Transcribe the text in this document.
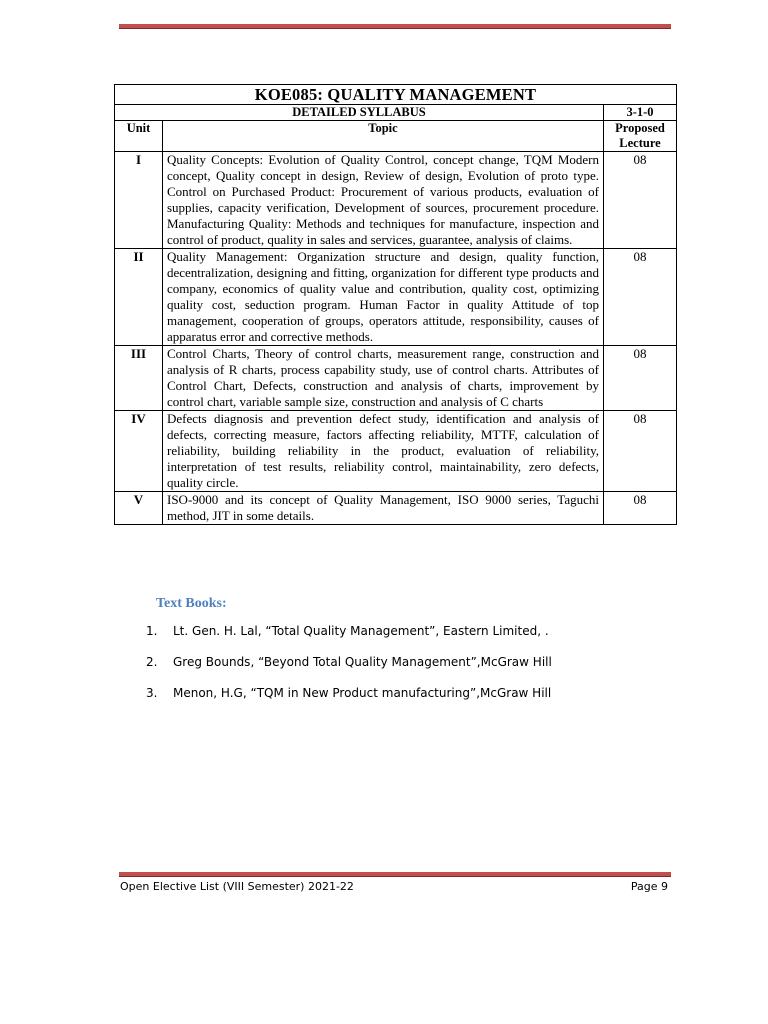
KOE085: QUALITY MANAGEMENT		
DETAILED SYLLABUS		3-1-0
Unit	Topic	Proposed Lecture
I	Quality Concepts: Evolution of Quality Control, concept change, TQM Modern concept, Quality concept in design, Review of design, Evolution of proto type. Control on Purchased Product: Procurement of various products, evaluation of supplies, capacity verification, Development of sources, procurement procedure. Manufacturing Quality: Methods and techniques for manufacture, inspection and control of product, quality in sales and services, guarantee, analysis of claims.	08
II	Quality Management: Organization structure and design, quality function, decentralization, designing and fitting, organization for different type products and company, economics of quality value and contribution, quality cost, optimizing quality cost, seduction program. Human Factor in quality Attitude of top management, cooperation of groups, operators attitude, responsibility, causes of apparatus error and corrective methods.	08
III	Control Charts, Theory of control charts, measurement range, construction and analysis of R charts, process capability study, use of control charts. Attributes of Control Chart, Defects, construction and analysis of charts, improvement by control chart, variable sample size, construction and analysis of C charts	08
IV	Defects diagnosis and prevention defect study, identification and analysis of defects, correcting measure, factors affecting reliability, MTTF, calculation of reliability, building reliability in the product, evaluation of reliability, interpretation of test results, reliability control, maintainability, zero defects, quality circle.	08
V	ISO-9000 and its concept of Quality Management, ISO 9000 series, Taguchi method, JIT in some details.	08
Text Books:
1.	Lt. Gen. H. Lal, “Total Quality Management”, Eastern Limited, .
2.	Greg Bounds, “Beyond Total Quality Management”,McGraw Hill
3.	Menon, H.G, “TQM in New Product manufacturing”,McGraw Hill
Open Elective List (VIII Semester) 2021-22	Page 9
